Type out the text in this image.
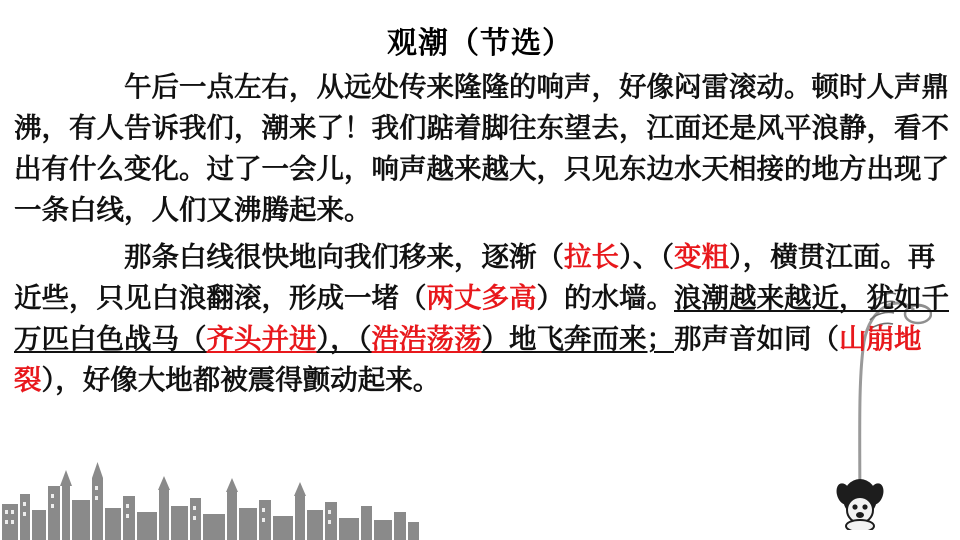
观潮（节选）

　　午后一点左右，从远处传来隆隆的响声，好像闷雷滚动。顿时人声鼎沸，有人告诉我们，潮来了！我们踮着脚往东望去，江面还是风平浪静，看不出有什么变化。过了一会儿，响声越来越大，只见东边水天相接的地方出现了一条白线，人们又沸腾起来。

　　那条白线很快地向我们移来，逐渐（拉长）、（变粗），横贯江面。再近些，只见白浪翻滚，形成一堵（两丈多高）的水墙。浪潮越来越近，犹如千万匹白色战马（齐头并进），（浩浩荡荡）地飞奔而来；那声音如同（山崩地裂），好像大地都被震得颤动起来。
